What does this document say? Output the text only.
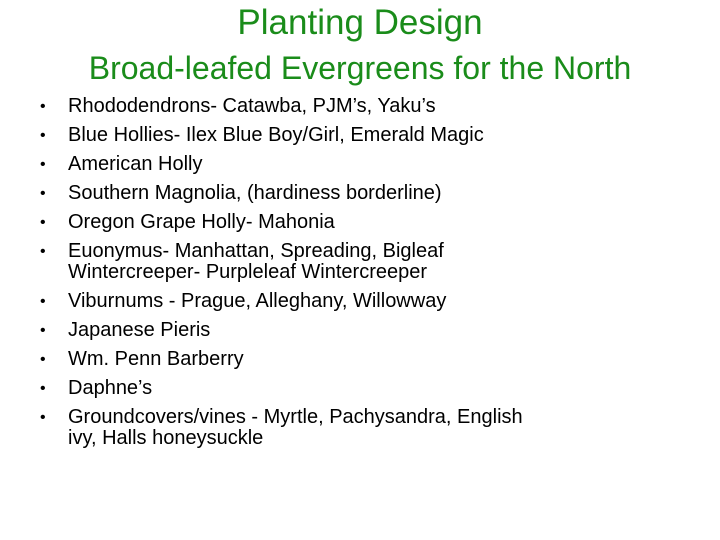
Planting Design
Broad-leafed Evergreens for the North
•	Rhododendrons- Catawba, PJM’s, Yaku’s
•	Blue Hollies- Ilex Blue Boy/Girl, Emerald Magic
•	American Holly
•	Southern Magnolia, (hardiness borderline)
•	Oregon Grape Holly- Mahonia
•	Euonymus- Manhattan, Spreading, Bigleaf
Wintercreeper- Purpleleaf Wintercreeper
•	Viburnums - Prague, Alleghany, Willowway
•	Japanese Pieris
•	Wm. Penn Barberry
•	Daphne’s
•	Groundcovers/vines - Myrtle, Pachysandra, English
ivy, Halls honeysuckle
